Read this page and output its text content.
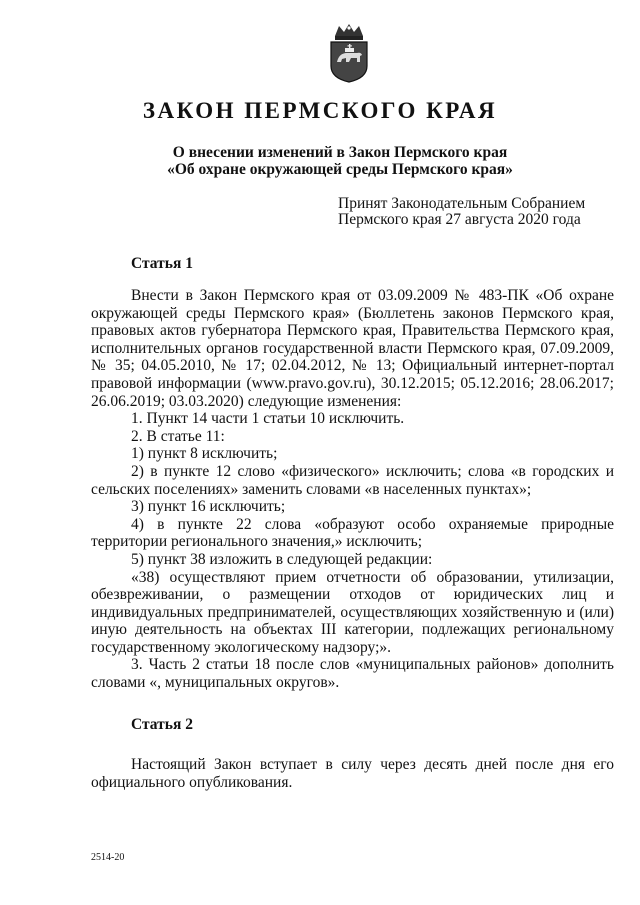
ЗАКОН ПЕРМСКОГО КРАЯ
О внесении изменений в Закон Пермского края
«Об охране окружающей среды Пермского края»
Принят Законодательным Собранием
Пермского края 27 августа 2020 года
Статья 1

Внести в Закон Пермского края от 03.09.2009 № 483-ПК «Об охране окружающей среды Пермского края» (Бюллетень законов Пермского края, правовых актов губернатора Пермского края, Правительства Пермского края, исполнительных органов государственной власти Пермского края, 07.09.2009, № 35; 04.05.2010, № 17; 02.04.2012, № 13; Официальный интернет-портал правовой информации (www.pravo.gov.ru), 30.12.2015; 05.12.2016; 28.06.2017; 26.06.2019; 03.03.2020) следующие изменения:

1. Пункт 14 части 1 статьи 10 исключить.

2. В статье 11:

1) пункт 8 исключить;

2) в пункте 12 слово «физического» исключить; слова «в городских и сельских поселениях» заменить словами «в населенных пунктах»;

3) пункт 16 исключить;

4) в пункте 22 слова «образуют особо охраняемые природные территории регионального значения,» исключить;

5) пункт 38 изложить в следующей редакции:

«38) осуществляют прием отчетности об образовании, утилизации, обезвреживании, о размещении отходов от юридических лиц и индивидуальных предпринимателей, осуществляющих хозяйственную и (или) иную деятельность на объектах III категории, подлежащих региональному государственному экологическому надзору;».

3. Часть 2 статьи 18 после слов «муниципальных районов» дополнить словами «, муниципальных округов».

Статья 2

Настоящий Закон вступает в силу через десять дней после дня его официального опубликования.

2514-20
